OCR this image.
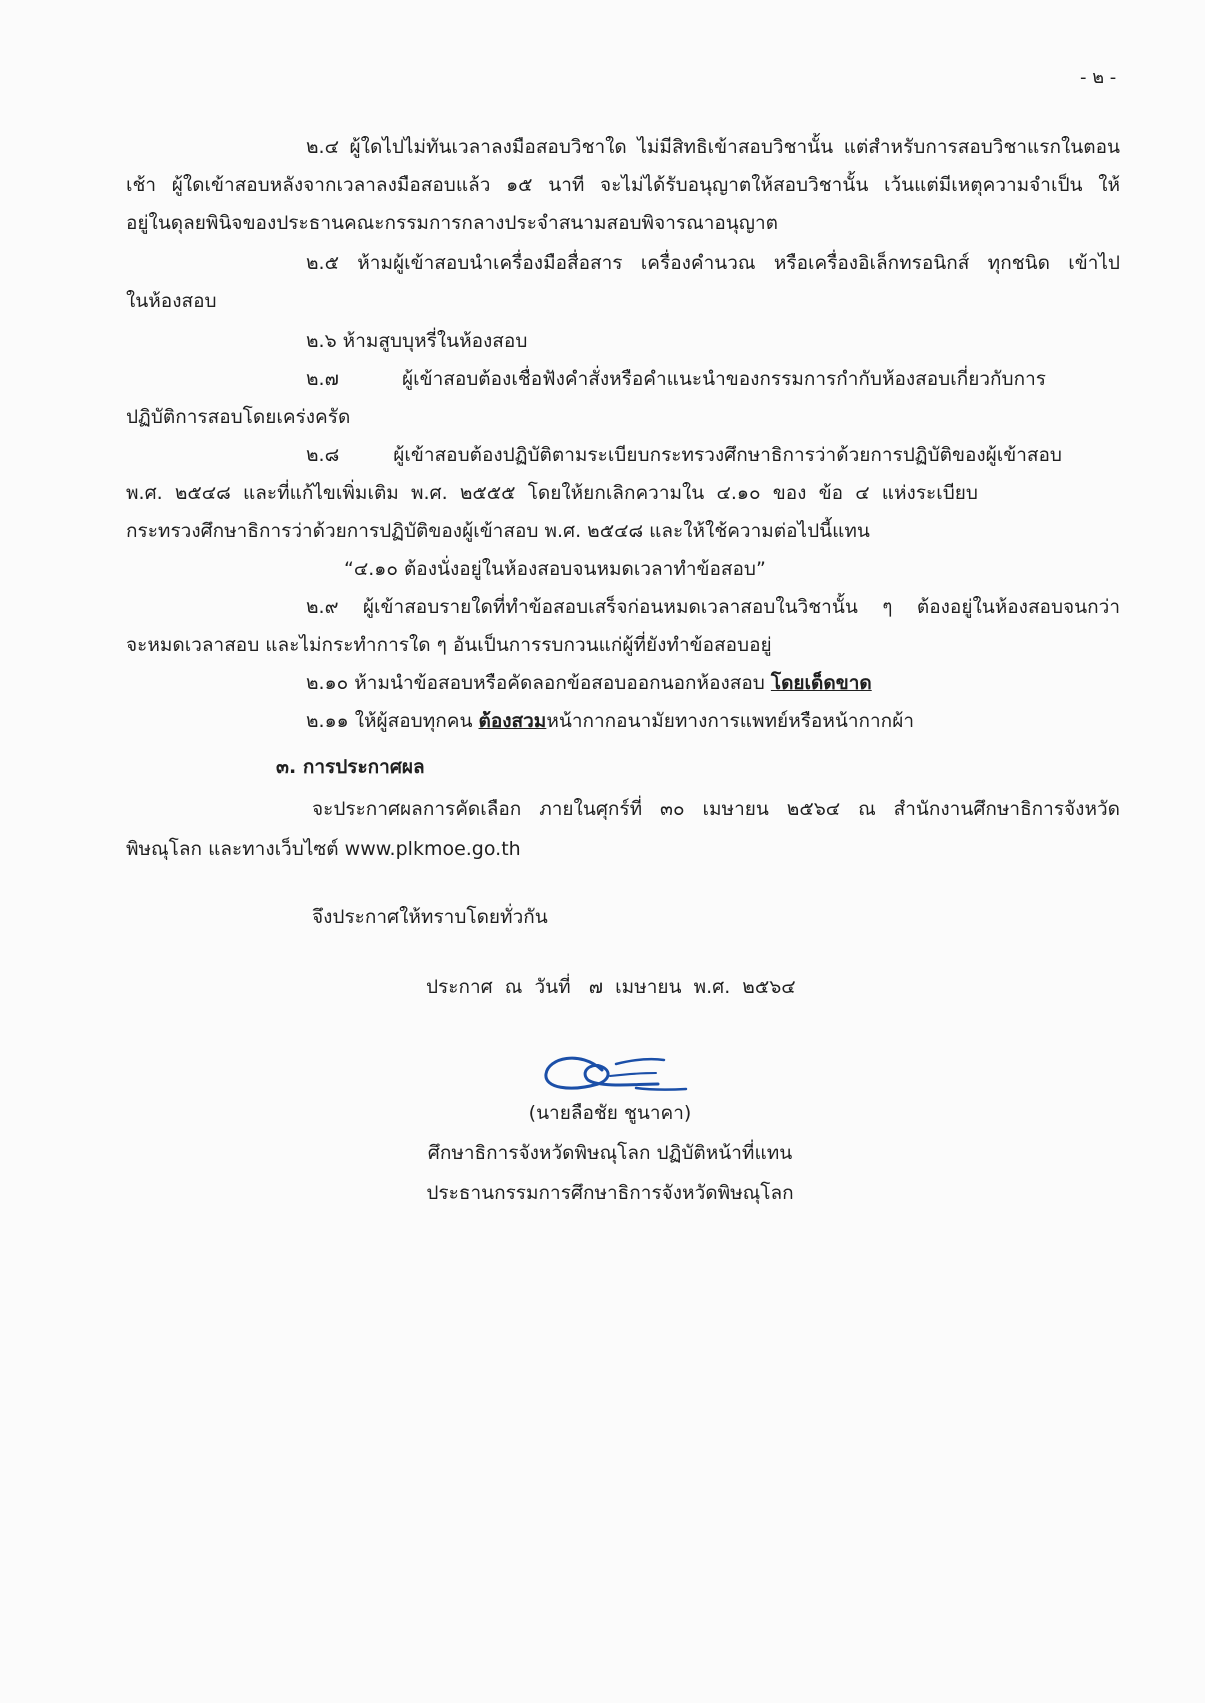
- ๒ -
๒.๔ ผู้ใดไปไม่ทันเวลาลงมือสอบวิชาใด ไม่มีสิทธิเข้าสอบวิชานั้น แต่สำหรับการสอบวิชาแรกในตอน
เช้า ผู้ใดเข้าสอบหลังจากเวลาลงมือสอบแล้ว ๑๕ นาที จะไม่ได้รับอนุญาตให้สอบวิชานั้น เว้นแต่มีเหตุความจำเป็น ให้
อยู่ในดุลยพินิจของประธานคณะกรรมการกลางประจำสนามสอบพิจารณาอนุญาต
๒.๕ ห้ามผู้เข้าสอบนำเครื่องมือสื่อสาร เครื่องคำนวณ หรือเครื่องอิเล็กทรอนิกส์ ทุกชนิด เข้าไป
ในห้องสอบ
๒.๖ ห้ามสูบบุหรี่ในห้องสอบ
๒.๗ ผู้เข้าสอบต้องเชื่อฟังคำสั่งหรือคำแนะนำของกรรมการกำกับห้องสอบเกี่ยวกับการ
ปฏิบัติการสอบโดยเคร่งครัด
๒.๘ ผู้เข้าสอบต้องปฏิบัติตามระเบียบกระทรวงศึกษาธิการว่าด้วยการปฏิบัติของผู้เข้าสอบ
พ.ศ. ๒๕๔๘ และที่แก้ไขเพิ่มเติม พ.ศ. ๒๕๕๕ โดยให้ยกเลิกความใน ๔.๑๐ ของ ข้อ ๔ แห่งระเบียบ
กระทรวงศึกษาธิการว่าด้วยการปฏิบัติของผู้เข้าสอบ พ.ศ. ๒๕๔๘ และให้ใช้ความต่อไปนี้แทน
“๔.๑๐ ต้องนั่งอยู่ในห้องสอบจนหมดเวลาทำข้อสอบ”
๒.๙ ผู้เข้าสอบรายใดที่ทำข้อสอบเสร็จก่อนหมดเวลาสอบในวิชานั้น ๆ ต้องอยู่ในห้องสอบจนกว่า
จะหมดเวลาสอบ และไม่กระทำการใด ๆ อันเป็นการรบกวนแก่ผู้ที่ยังทำข้อสอบอยู่
๒.๑๐ ห้ามนำข้อสอบหรือคัดลอกข้อสอบออกนอกห้องสอบ โดยเด็ดขาด
๒.๑๑ ให้ผู้สอบทุกคน ต้องสวมหน้ากากอนามัยทางการแพทย์หรือหน้ากากผ้า
๓. การประกาศผล
จะประกาศผลการคัดเลือก ภายในศุกร์ที่ ๓๐ เมษายน ๒๕๖๔ ณ สำนักงานศึกษาธิการจังหวัด
พิษณุโลก และทางเว็บไซต์ www.plkmoe.go.th
จึงประกาศให้ทราบโดยทั่วกัน
ประกาศ  ณ  วันที่   ๗  เมษายน  พ.ศ.  ๒๕๖๔
(นายลือชัย ชูนาคา)
ศึกษาธิการจังหวัดพิษณุโลก ปฏิบัติหน้าที่แทน
ประธานกรรมการศึกษาธิการจังหวัดพิษณุโลก
